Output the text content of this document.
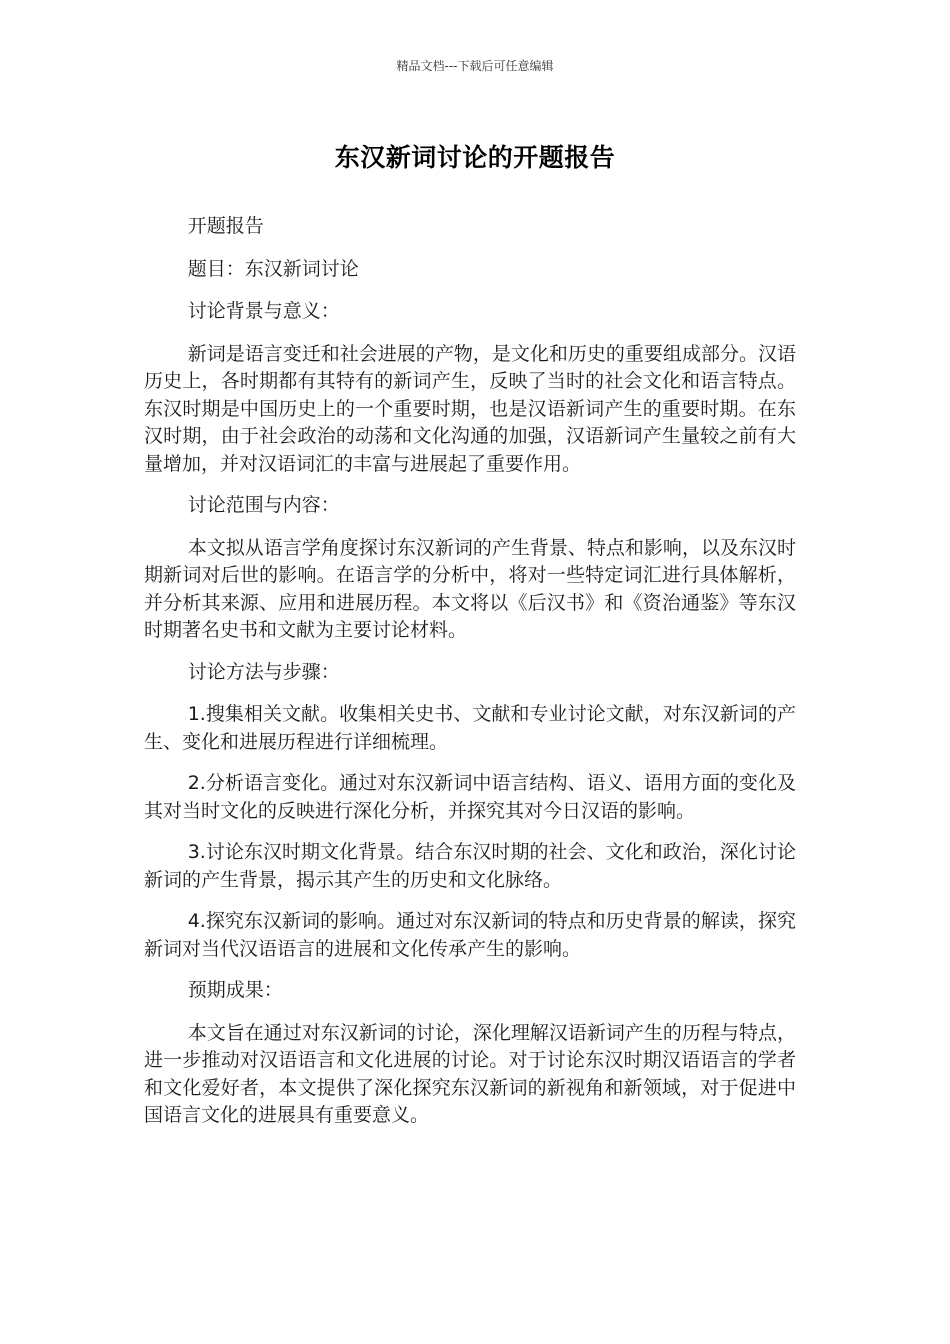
精品文档---下载后可任意编辑
东汉新词讨论的开题报告

开题报告

题目：东汉新词讨论

讨论背景与意义：

新词是语言变迁和社会进展的产物，是文化和历史的重要组成部分。汉语历史上，各时期都有其特有的新词产生，反映了当时的社会文化和语言特点。东汉时期是中国历史上的一个重要时期，也是汉语新词产生的重要时期。在东汉时期，由于社会政治的动荡和文化沟通的加强，汉语新词产生量较之前有大量增加，并对汉语词汇的丰富与进展起了重要作用。

讨论范围与内容：

本文拟从语言学角度探讨东汉新词的产生背景、特点和影响，以及东汉时期新词对后世的影响。在语言学的分析中，将对一些特定词汇进行具体解析，并分析其来源、应用和进展历程。本文将以《后汉书》和《资治通鉴》等东汉时期著名史书和文献为主要讨论材料。

讨论方法与步骤：

1.搜集相关文献。收集相关史书、文献和专业讨论文献，对东汉新词的产生、变化和进展历程进行详细梳理。

2.分析语言变化。通过对东汉新词中语言结构、语义、语用方面的变化及其对当时文化的反映进行深化分析，并探究其对今日汉语的影响。

3.讨论东汉时期文化背景。结合东汉时期的社会、文化和政治，深化讨论新词的产生背景，揭示其产生的历史和文化脉络。

4.探究东汉新词的影响。通过对东汉新词的特点和历史背景的解读，探究新词对当代汉语语言的进展和文化传承产生的影响。

预期成果：

本文旨在通过对东汉新词的讨论，深化理解汉语新词产生的历程与特点，进一步推动对汉语语言和文化进展的讨论。对于讨论东汉时期汉语语言的学者和文化爱好者，本文提供了深化探究东汉新词的新视角和新领域，对于促进中国语言文化的进展具有重要意义。
